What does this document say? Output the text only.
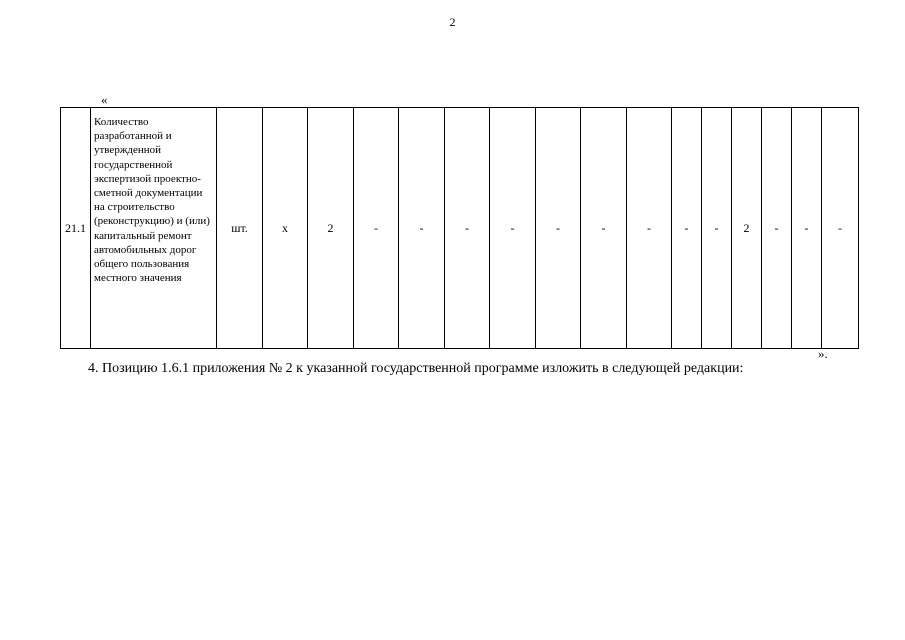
2
«
21.1	Количество разработанной и утвержденной государственной экспертизой проектно-сметной документации на строительство (реконструкцию) и (или) капитальный ремонт автомобильных дорог общего пользования местного значения	шт.	x	2	-	-	-	-	-	-	-	-	-	2	-	-	-
».
4. Позицию 1.6.1 приложения № 2 к указанной государственной программе изложить в следующей редакции:
